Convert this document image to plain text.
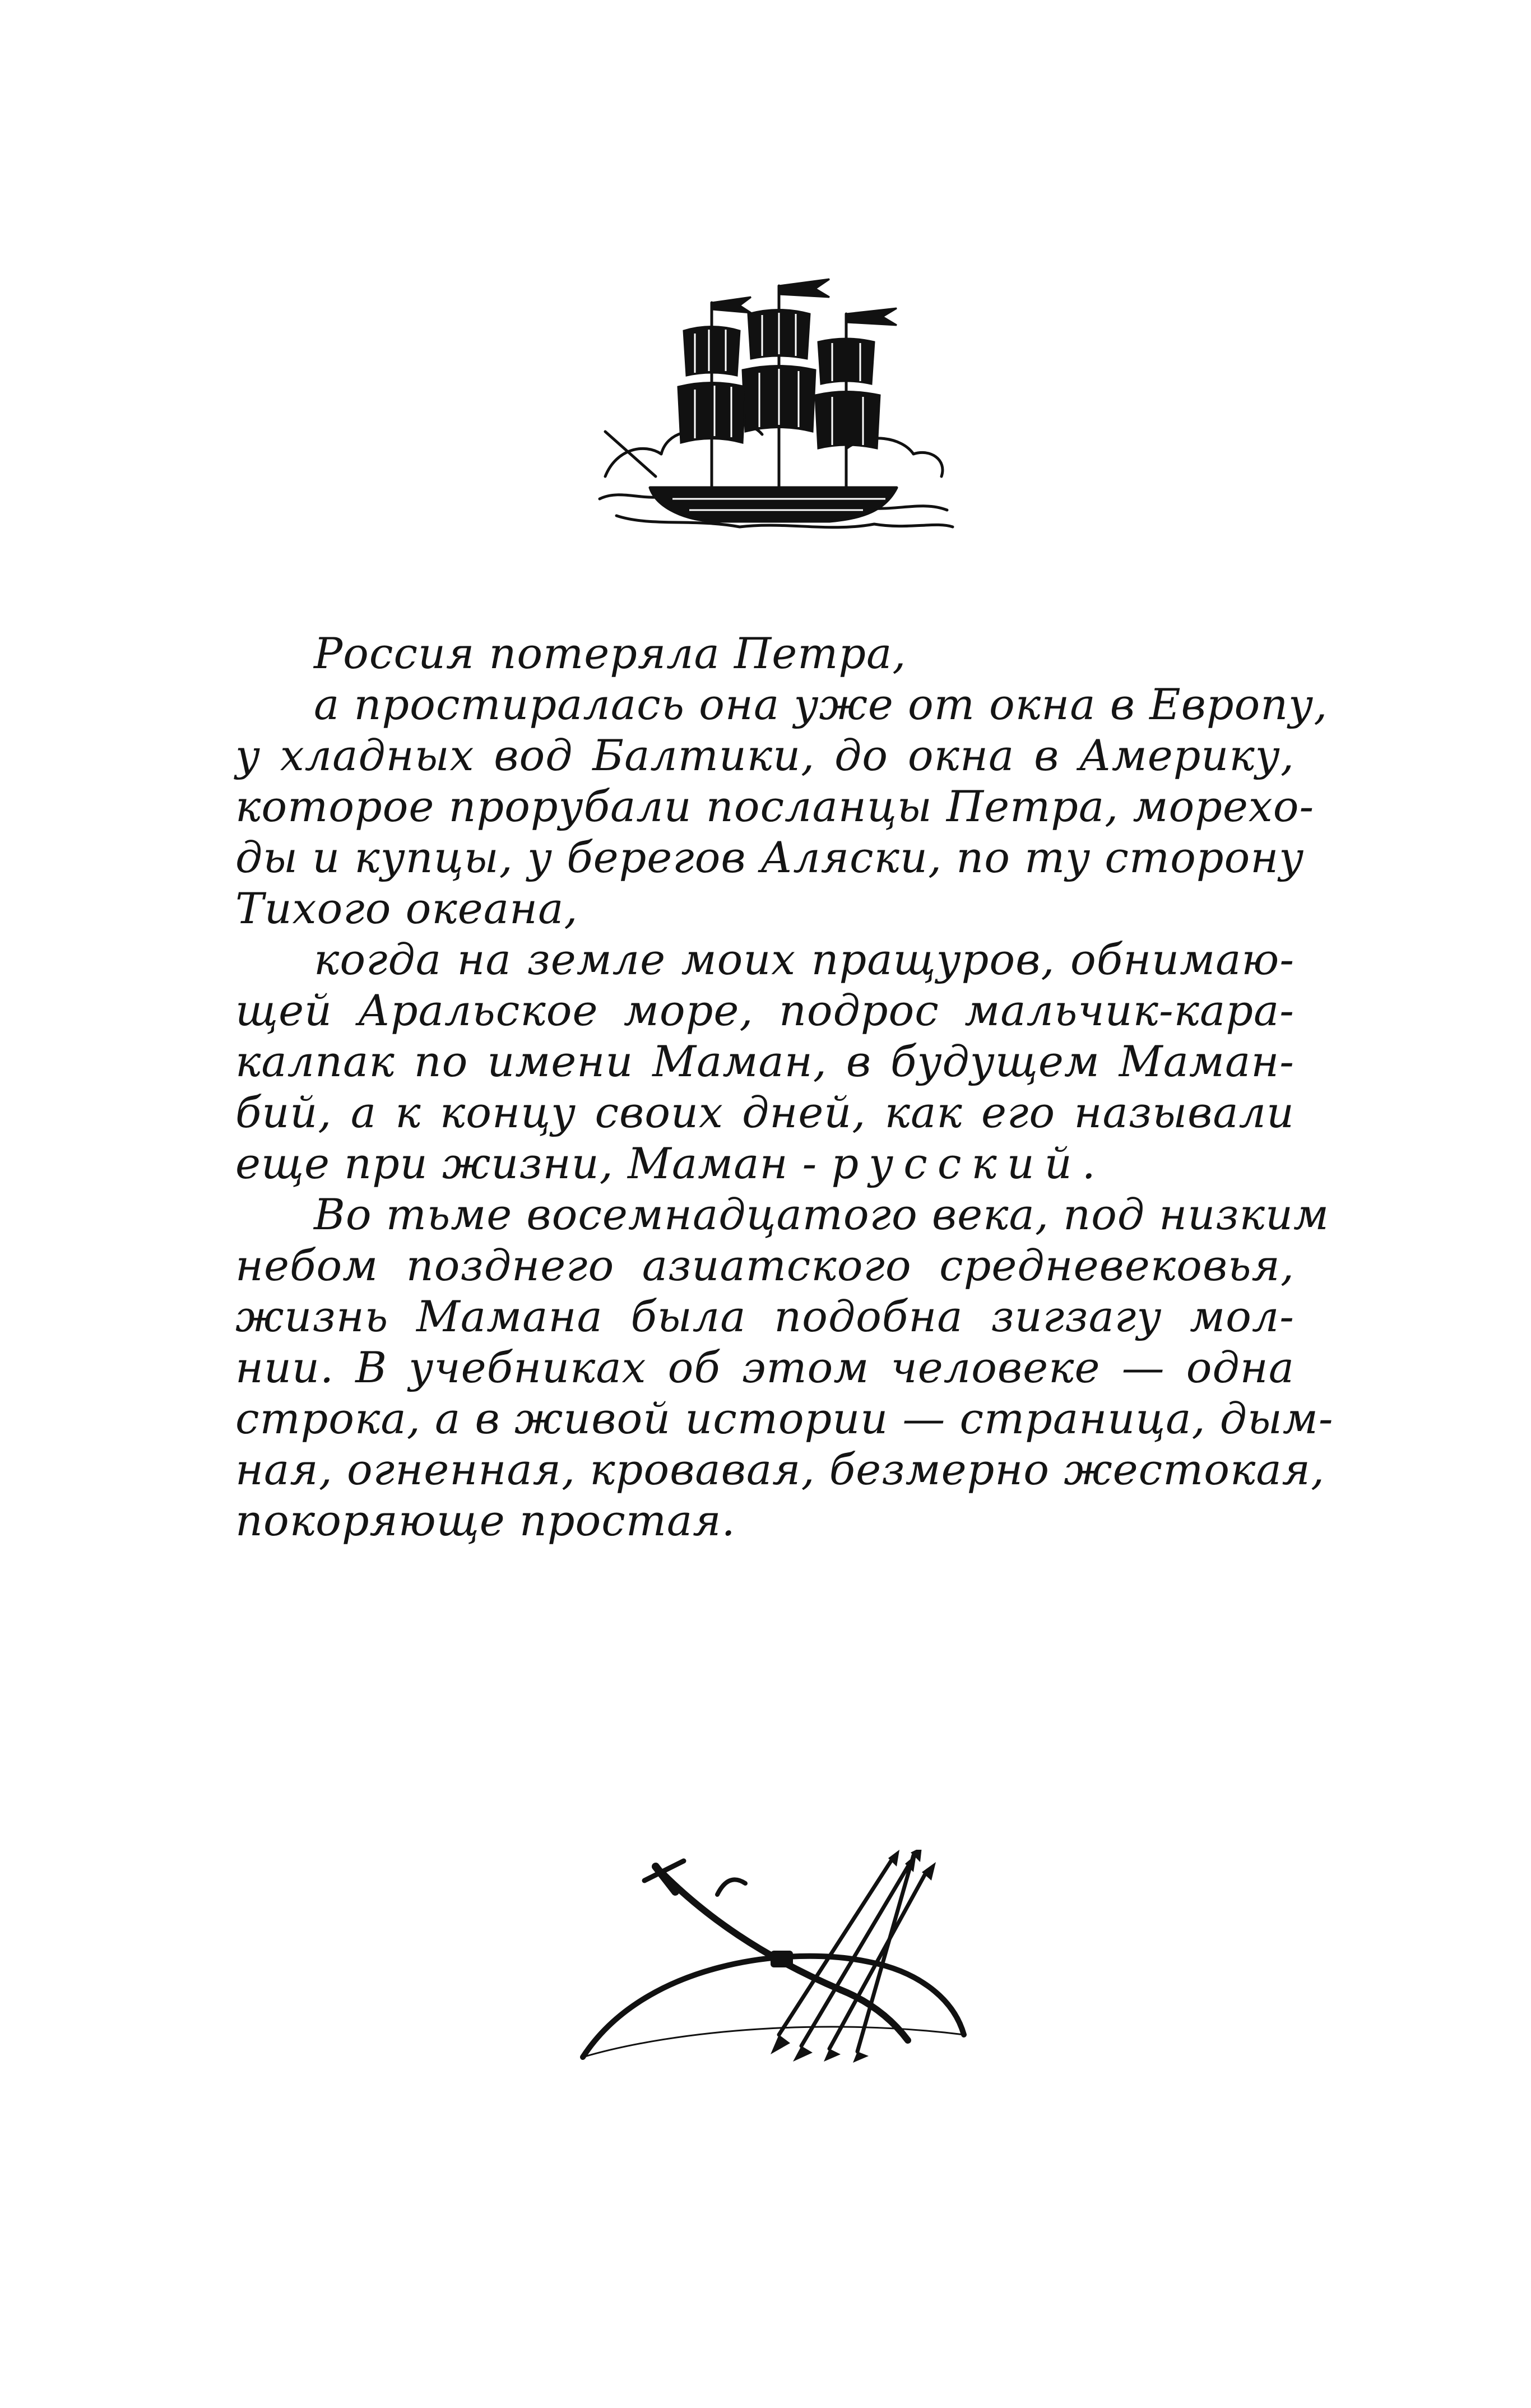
Россия потеряла Петра,

а простиралась она уже от окна в Европу,
у хладных вод Балтики, до окна в Америку,
которое прорубали посланцы Петра, морехо-
ды и купцы, у берегов Аляски, по ту сторону
Тихого океана,

когда на земле моих пращуров, обнимаю-
щей Аральское море, подрос мальчик-кара-
калпак по имени Маман, в будущем Маман-
бий, а к концу своих дней, как его называли
еще при жизни, Маман - русский.

Во тьме восемнадцатого века, под низким
небом позднего азиатского средневековья,
жизнь Мамана была подобна зигзагу мол-
нии. В учебниках об этом человеке — одна
строка, а в живой истории — страница, дым-
ная, огненная, кровавая, безмерно жестокая,
покоряюще простая.
